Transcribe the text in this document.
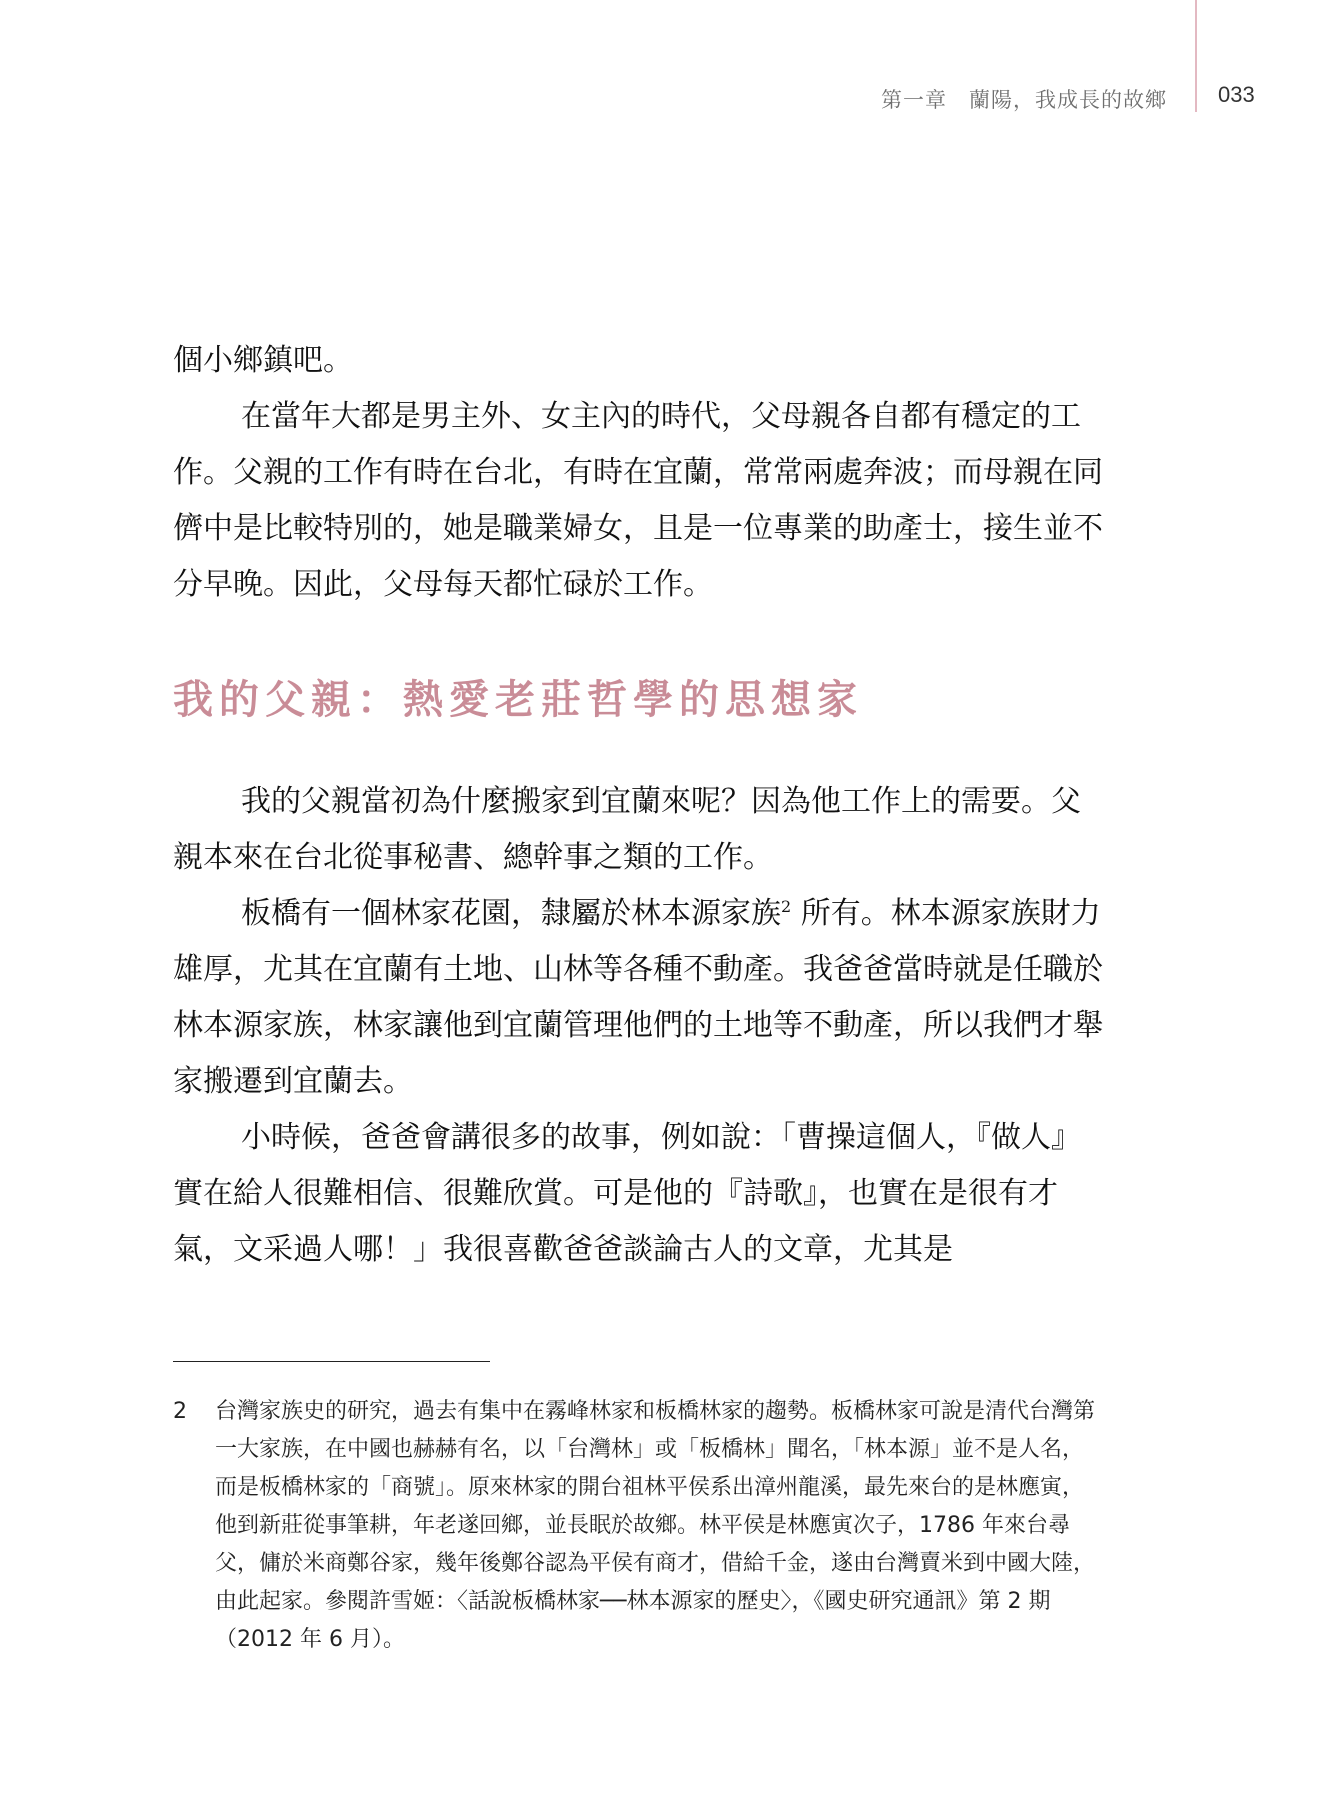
第一章　蘭陽，我成長的故鄉 033

個小鄉鎮吧。

在當年大都是男主外、女主內的時代，父母親各自都有穩定的工作。父親的工作有時在台北，有時在宜蘭，常常兩處奔波；而母親在同儕中是比較特別的，她是職業婦女，且是一位專業的助產士，接生並不分早晚。因此，父母每天都忙碌於工作。

我的父親：熱愛老莊哲學的思想家

我的父親當初為什麼搬家到宜蘭來呢？因為他工作上的需要。父親本來在台北從事秘書、總幹事之類的工作。

板橋有一個林家花園，隸屬於林本源家族$^2$ 所有。林本源家族財力雄厚，尤其在宜蘭有土地、山林等各種不動產。我爸爸當時就是任職於林本源家族，林家讓他到宜蘭管理他們的土地等不動產，所以我們才舉家搬遷到宜蘭去。

小時候，爸爸會講很多的故事，例如說：「曹操這個人，『做人』實在給人很難相信、很難欣賞。可是他的『詩歌』，也實在是很有才氣，文采過人哪！」我很喜歡爸爸談論古人的文章，尤其是

2 台灣家族史的研究，過去有集中在霧峰林家和板橋林家的趨勢。板橋林家可說是清代台灣第一大家族，在中國也赫赫有名，以「台灣林」或「板橋林」聞名，「林本源」並不是人名，而是板橋林家的「商號」。原來林家的開台祖林平侯系出漳州龍溪，最先來台的是林應寅，他到新莊從事筆耕，年老遂回鄉，並長眠於故鄉。林平侯是林應寅次子，1786 年來台尋父，傭於米商鄭谷家，幾年後鄭谷認為平侯有商才，借給千金，遂由台灣賣米到中國大陸，由此起家。參閱許雪姬：〈話說板橋林家──林本源家的歷史〉，《國史研究通訊》第 2 期（2012 年 6 月）。
